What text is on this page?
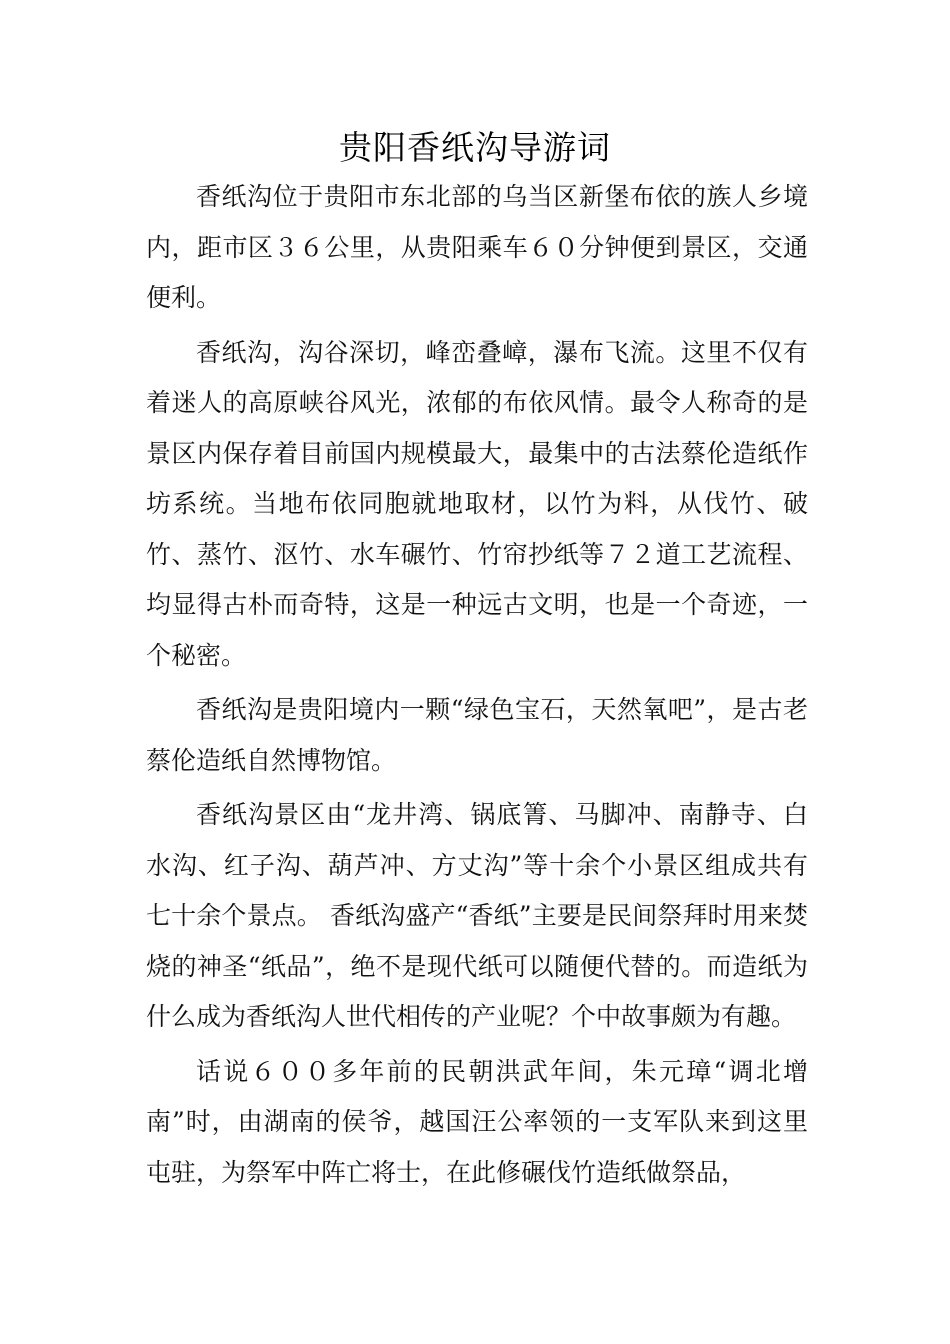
贵阳香纸沟导游词

香纸沟位于贵阳市东北部的乌当区新堡布依的族人乡境内，距市区３６公里，从贵阳乘车６０分钟便到景区，交通便利。

香纸沟，沟谷深切，峰峦叠嶂，瀑布飞流。这里不仅有着迷人的高原峡谷风光，浓郁的布依风情。最令人称奇的是景区内保存着目前国内规模最大，最集中的古法蔡伦造纸作坊系统。当地布依同胞就地取材，以竹为料，从伐竹、破竹、蒸竹、沤竹、水车碾竹、竹帘抄纸等７２道工艺流程、均显得古朴而奇特，这是一种远古文明，也是一个奇迹，一个秘密。

香纸沟是贵阳境内一颗“绿色宝石，天然氧吧”，是古老蔡伦造纸自然博物馆。

香纸沟景区由“龙井湾、锅底箐、马脚冲、南静寺、白水沟、红子沟、葫芦冲、方丈沟”等十余个小景区组成共有七十余个景点。 香纸沟盛产“香纸”主要是民间祭拜时用来焚烧的神圣“纸品”，绝不是现代纸可以随便代替的。而造纸为什么成为香纸沟人世代相传的产业呢？个中故事颇为有趣。

话说６００多年前的民朝洪武年间，朱元璋“调北增南”时，由湖南的侯爷，越国汪公率领的一支军队来到这里屯驻，为祭军中阵亡将士，在此修碾伐竹造纸做祭品，
